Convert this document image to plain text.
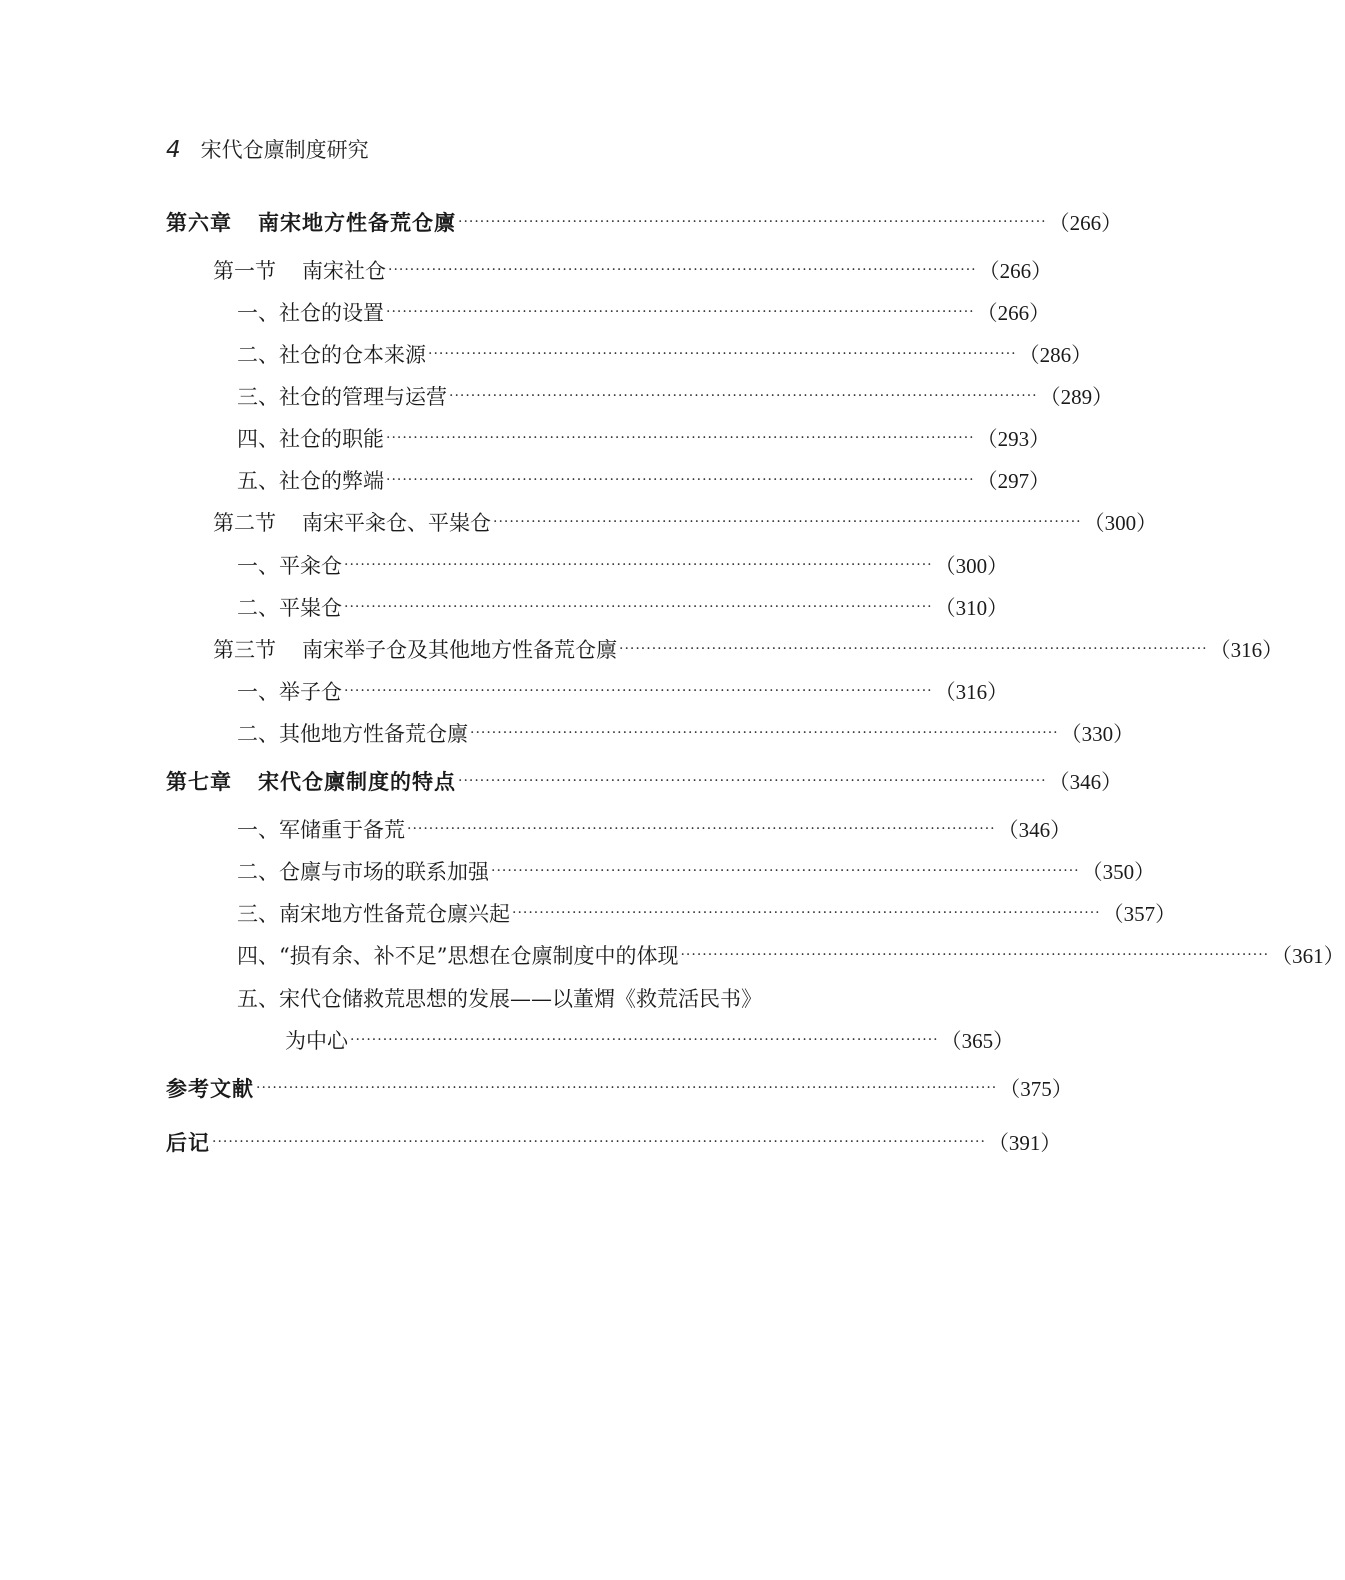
4 宋代仓廪制度研究
第六章 南宋地方性备荒仓廪 ············································································································ （266）
第一节 南宋社仓 ············································································································ （266）
一、社仓的设置 ············································································································ （266）
二、社仓的仓本来源 ············································································································ （286）
三、社仓的管理与运营 ············································································································ （289）
四、社仓的职能 ············································································································ （293）
五、社仓的弊端 ············································································································ （297）
第二节 南宋平籴仓、平粜仓 ············································································································ （300）
一、平籴仓 ············································································································ （300）
二、平粜仓 ············································································································ （310）
第三节 南宋举子仓及其他地方性备荒仓廪 ············································································································ （316）
一、举子仓 ············································································································ （316）
二、其他地方性备荒仓廪 ············································································································ （330）
第七章 宋代仓廪制度的特点 ············································································································ （346）
一、军储重于备荒 ············································································································ （346）
二、仓廪与市场的联系加强 ············································································································ （350）
三、南宋地方性备荒仓廪兴起 ············································································································ （357）
四、“损有余、补不足”思想在仓廪制度中的体现 ············································································································ （361）
五、宋代仓储救荒思想的发展——以董煟《救荒活民书》
为中心 ············································································································ （365）
参考文献 ········································································································································ （375）
后记 ·············································································································································· （391）
